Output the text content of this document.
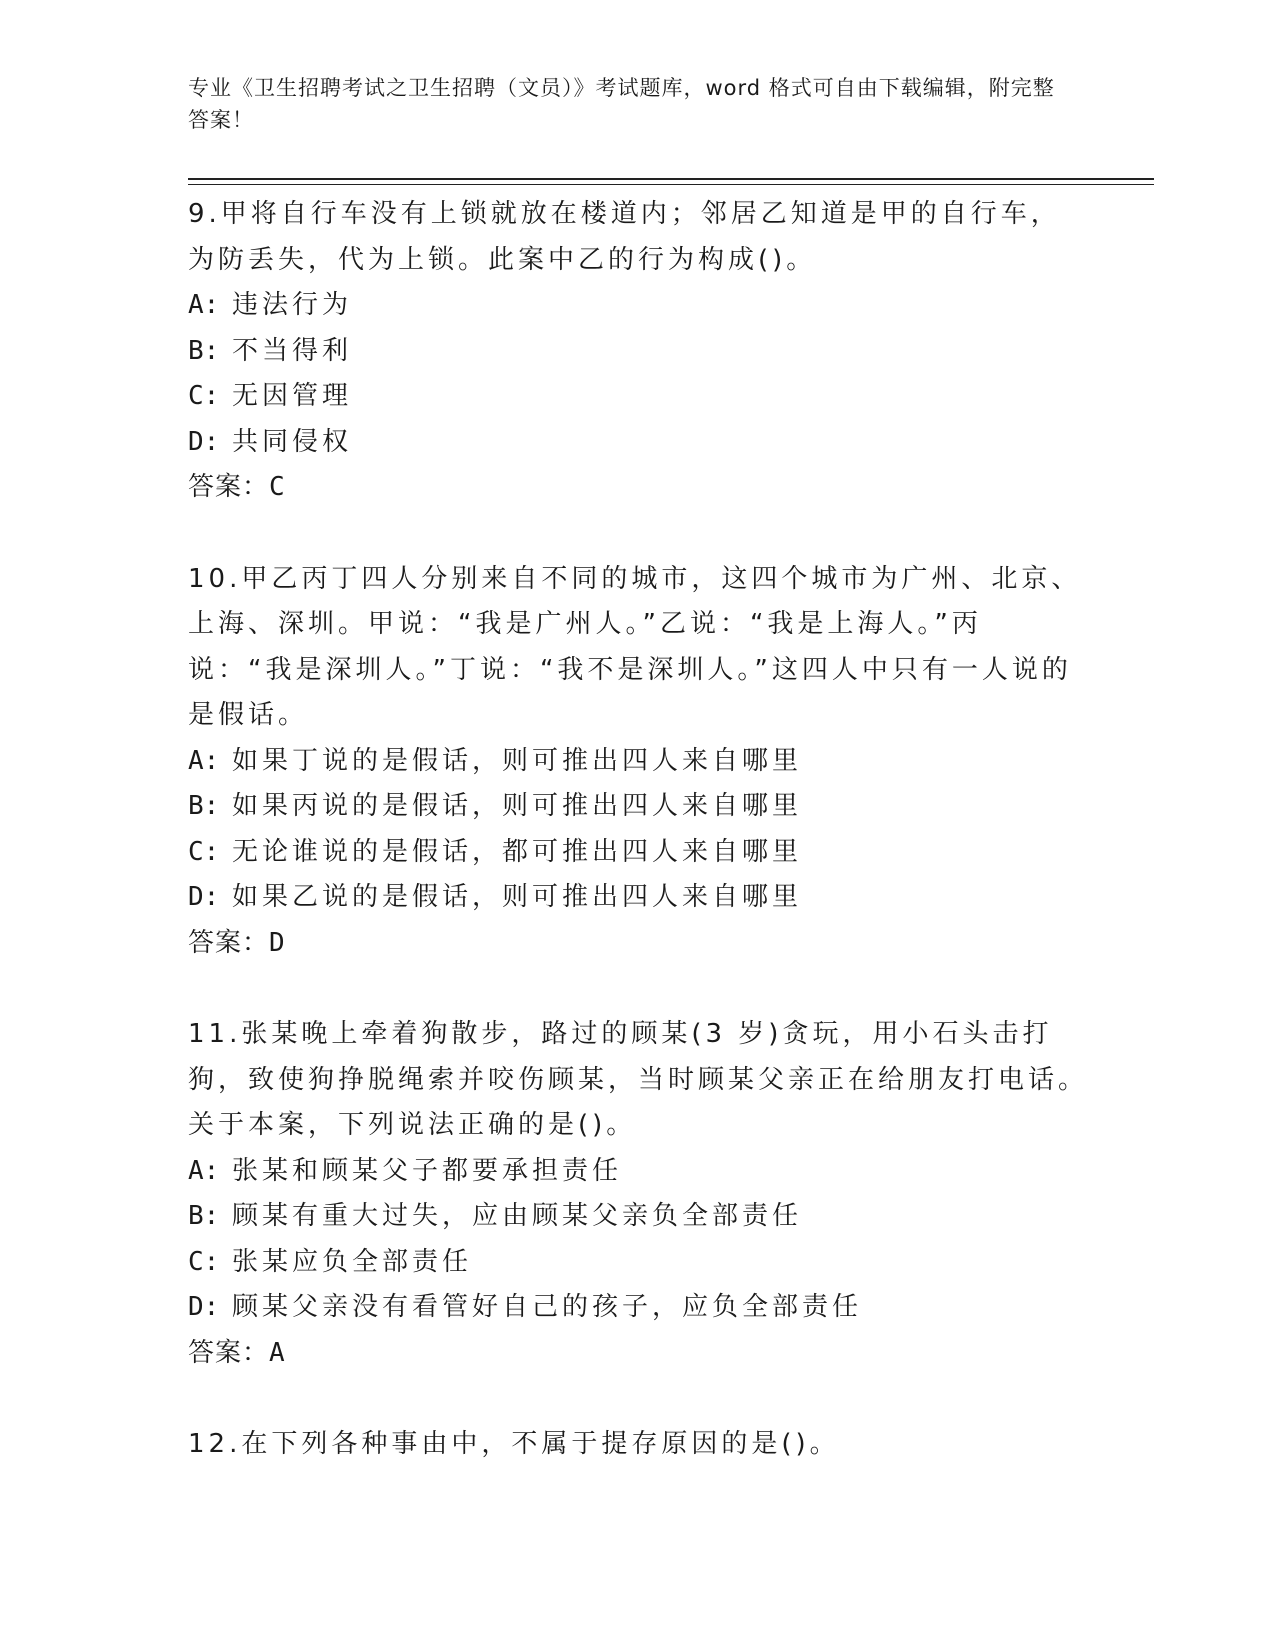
专业《卫生招聘考试之卫生招聘（文员）》考试题库，word 格式可自由下载编辑，附完整答案！

9.甲将自行车没有上锁就放在楼道内；邻居乙知道是甲的自行车，为防丢失，代为上锁。此案中乙的行为构成()。

A: 违法行为

B: 不当得利

C: 无因管理

D: 共同侵权

答案：C

10.甲乙丙丁四人分别来自不同的城市，这四个城市为广州、北京、上海、深圳。甲说：“我是广州人。”乙说：“我是上海人。”丙说：“我是深圳人。”丁说：“我不是深圳人。”这四人中只有一人说的是假话。

A: 如果丁说的是假话，则可推出四人来自哪里

B: 如果丙说的是假话，则可推出四人来自哪里

C: 无论谁说的是假话，都可推出四人来自哪里

D: 如果乙说的是假话，则可推出四人来自哪里

答案：D

11.张某晚上牵着狗散步，路过的顾某(3 岁)贪玩，用小石头击打狗，致使狗挣脱绳索并咬伤顾某，当时顾某父亲正在给朋友打电话。关于本案，下列说法正确的是()。

A: 张某和顾某父子都要承担责任

B: 顾某有重大过失，应由顾某父亲负全部责任

C: 张某应负全部责任

D: 顾某父亲没有看管好自己的孩子，应负全部责任

答案：A

12.在下列各种事由中，不属于提存原因的是()。
